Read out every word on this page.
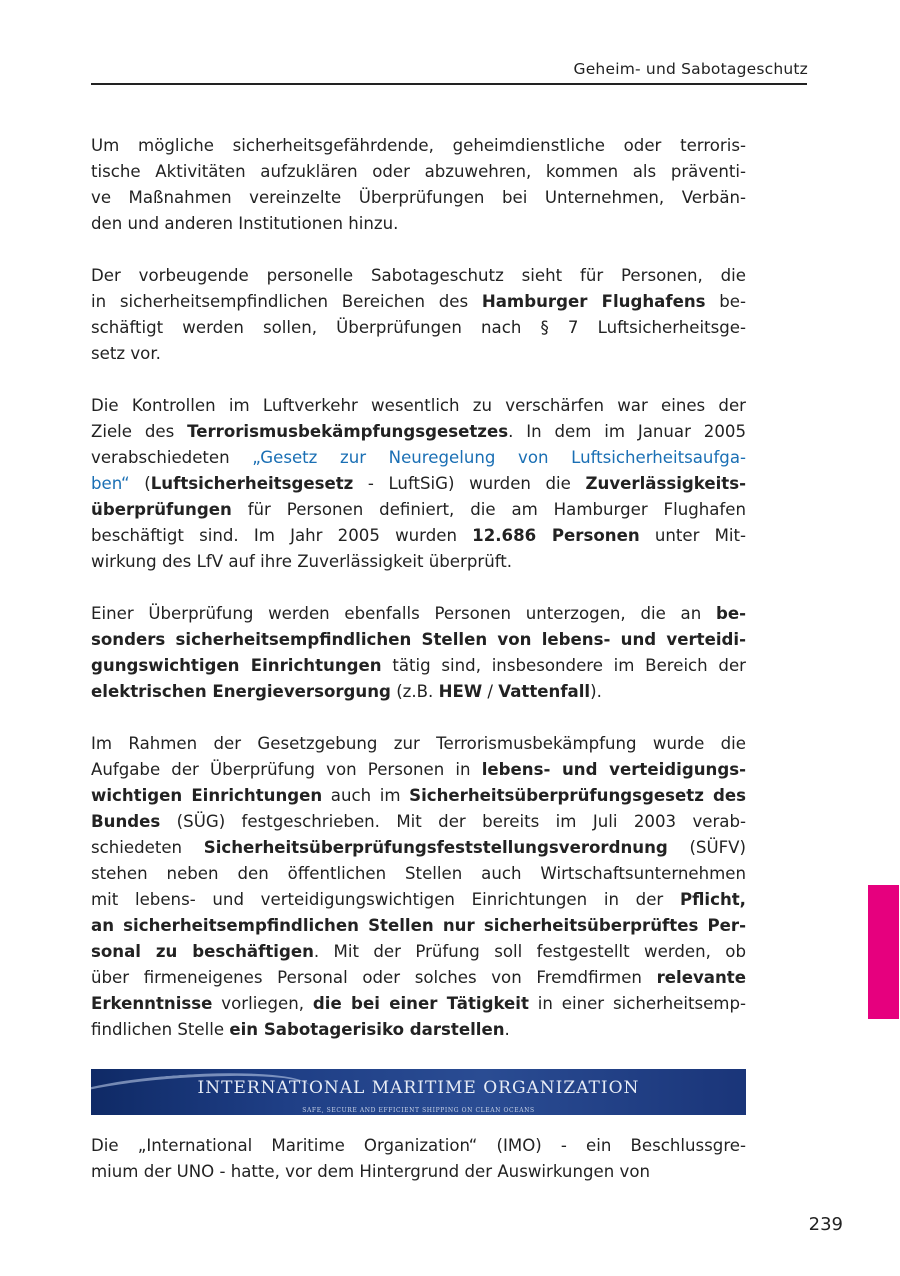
Geheim- und Sabotageschutz
Um mögliche sicherheitsgefährdende, geheimdienstliche oder terroris-
tische Aktivitäten aufzuklären oder abzuwehren, kommen als präventi-
ve Maßnahmen vereinzelte Überprüfungen bei Unternehmen, Verbän-
den und anderen Institutionen hinzu.
Der vorbeugende personelle Sabotageschutz sieht für Personen, die
in sicherheitsempfindlichen Bereichen des Hamburger Flughafens be-
schäftigt werden sollen, Überprüfungen nach § 7 Luftsicherheitsge-
setz vor.
Die Kontrollen im Luftverkehr wesentlich zu verschärfen war eines der
Ziele des Terrorismusbekämpfungsgesetzes. In dem im Januar 2005
verabschiedeten „Gesetz zur Neuregelung von Luftsicherheitsaufga-
ben“ (Luftsicherheitsgesetz - LuftSiG) wurden die Zuverlässigkeits-
überprüfungen für Personen definiert, die am Hamburger Flughafen
beschäftigt sind. Im Jahr 2005 wurden 12.686 Personen unter Mit-
wirkung des LfV auf ihre Zuverlässigkeit überprüft.
Einer Überprüfung werden ebenfalls Personen unterzogen, die an be-
sonders sicherheitsempfindlichen Stellen von lebens- und verteidi-
gungswichtigen Einrichtungen tätig sind, insbesondere im Bereich der
elektrischen Energieversorgung (z.B. HEW / Vattenfall).
Im Rahmen der Gesetzgebung zur Terrorismusbekämpfung wurde die
Aufgabe der Überprüfung von Personen in lebens- und verteidigungs-
wichtigen Einrichtungen auch im Sicherheitsüberprüfungsgesetz des
Bundes (SÜG) festgeschrieben. Mit der bereits im Juli 2003 verab-
schiedeten Sicherheitsüberprüfungsfeststellungsverordnung (SÜFV)
stehen neben den öffentlichen Stellen auch Wirtschaftsunternehmen
mit lebens- und verteidigungswichtigen Einrichtungen in der Pflicht,
an sicherheitsempfindlichen Stellen nur sicherheitsüberprüftes Per-
sonal zu beschäftigen. Mit der Prüfung soll festgestellt werden, ob
über firmeneigenes Personal oder solches von Fremdfirmen relevante
Erkenntnisse vorliegen, die bei einer Tätigkeit in einer sicherheitsemp-
findlichen Stelle ein Sabotagerisiko darstellen.
INTERNATIONAL MARITIME ORGANIZATION
SAFE, SECURE AND EFFICIENT SHIPPING ON CLEAN OCEANS
Die „International Maritime Organization“ (IMO) - ein Beschlussgre-
mium der UNO - hatte, vor dem Hintergrund der Auswirkungen von
239
